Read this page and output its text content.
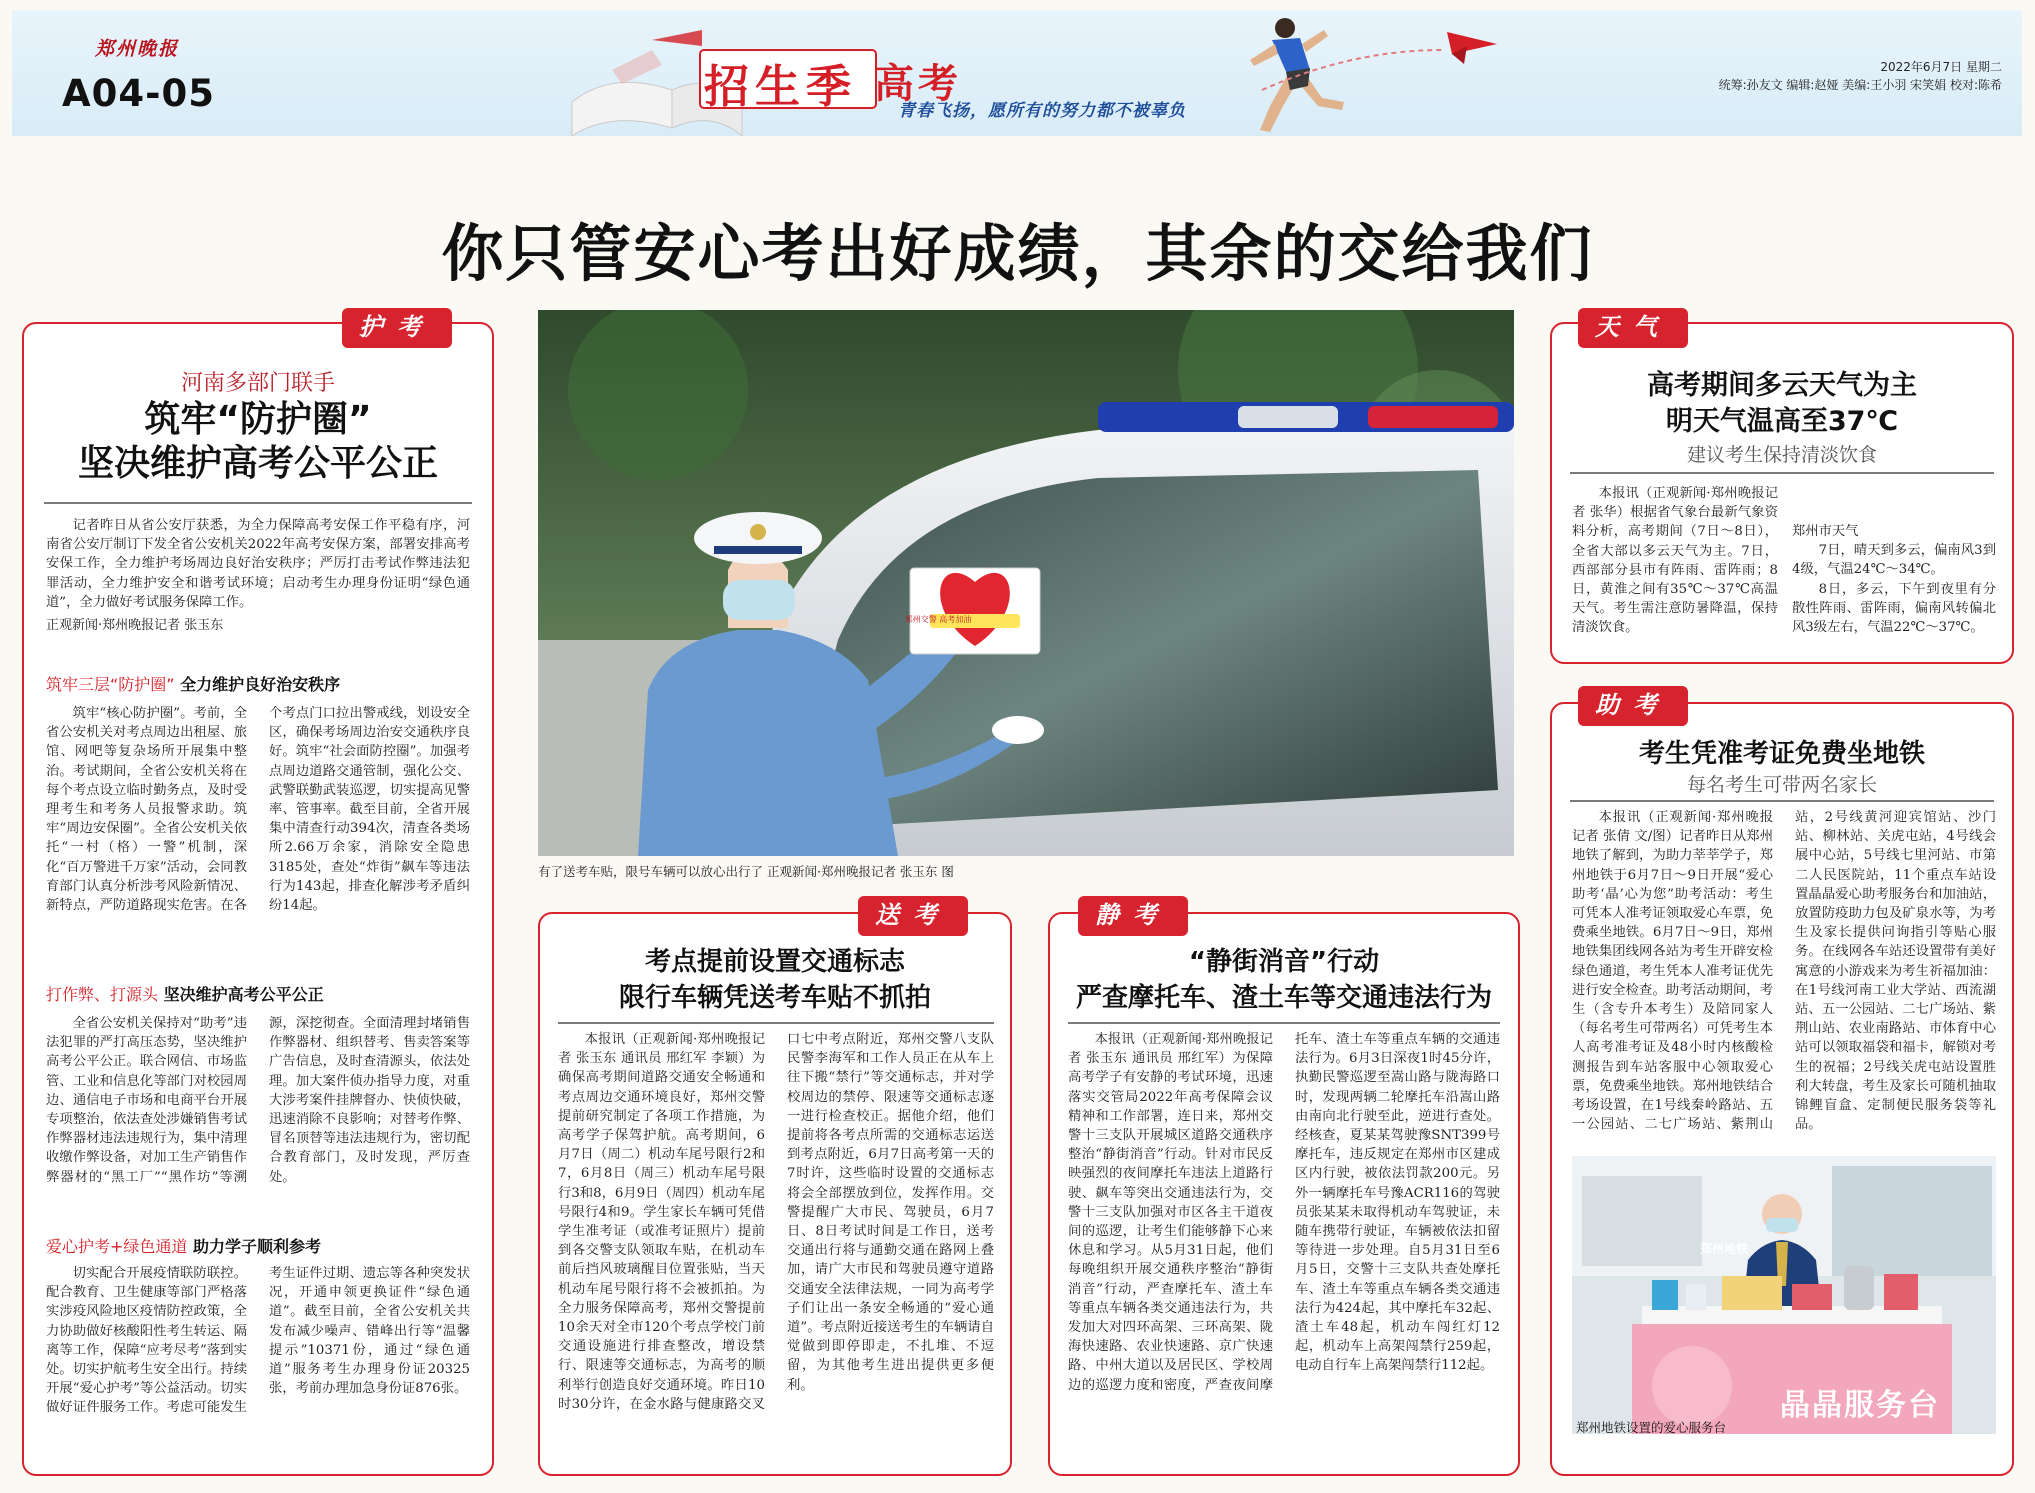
郑州晚报
A04-05	招生季 高考
青春飞扬，愿所有的努力都不被辜负
2022年6月7日 星期二
统筹:孙友文 编辑:赵娅 美编:王小羽 宋笑娟 校对:陈希
你只管安心考出好成绩，其余的交给我们
护考
河南多部门联手
筑牢“防护圈”
坚决维护高考公平公正

记者昨日从省公安厅获悉，为全力保障高考安保工作平稳有序，河南省公安厅制订下发全省公安机关2022年高考安保方案，部署安排高考安保工作，全力维护考场周边良好治安秩序；严厉打击考试作弊违法犯罪活动，全力维护安全和谐考试环境；启动考生办理身份证明“绿色通道”，全力做好考试服务保障工作。

正观新闻·郑州晚报记者 张玉东
筑牢三层“防护圈” 全力维护良好治安秩序

筑牢“核心防护圈”。考前，全省公安机关对考点周边出租屋、旅馆、网吧等复杂场所开展集中整治。考试期间，全省公安机关将在每个考点设立临时勤务点，及时受理考生和考务人员报警求助。筑牢“周边安保圈”。全省公安机关依托“一村（格）一警”机制，深化“百万警进千万家”活动，会同教育部门认真分析涉考风险新情况、新特点，严防道路现实危害。在各个考点门口拉出警戒线，划设安全区，确保考场周边治安交通秩序良好。筑牢“社会面防控圈”。加强考点周边道路交通管制，强化公交、武警联勤武装巡逻，切实提高见警率、管事率。截至目前，全省开展集中清查行动394次，清查各类场所2.66万余家，消除安全隐患3185处，查处“炸街”飙车等违法行为143起，排查化解涉考矛盾纠纷14起。

打作弊、打源头 坚决维护高考公平公正

全省公安机关保持对“助考”违法犯罪的严打高压态势，坚决维护高考公平公正。联合网信、市场监管、工业和信息化等部门对校园周边、通信电子市场和电商平台开展专项整治，依法查处涉嫌销售考试作弊器材违法违规行为，集中清理收缴作弊设备，对加工生产销售作弊器材的“黑工厂”“黑作坊”等溯源，深挖彻查。全面清理封堵销售作弊器材、组织替考、售卖答案等广告信息，及时查清源头，依法处理。加大案件侦办指导力度，对重大涉考案件挂牌督办、快侦快破，迅速消除不良影响；对替考作弊、冒名顶替等违法违规行为，密切配合教育部门，及时发现，严厉查处。

爱心护考+绿色通道 助力学子顺利参考

切实配合开展疫情联防联控。配合教育、卫生健康等部门严格落实涉疫风险地区疫情防控政策，全力协助做好核酸阳性考生转运、隔离等工作，保障“应考尽考”落到实处。切实护航考生安全出行。持续开展“爱心护考”等公益活动。切实做好证件服务工作。考虑可能发生考生证件过期、遗忘等各种突发状况，开通申领更换证件“绿色通道”。截至目前，全省公安机关共发布减少噪声、错峰出行等“温馨提示”10371份，通过“绿色通道”服务考生办理身份证20325张，考前办理加急身份证876张。

郑州交警 高考加油
有了送考车贴，限号车辆可以放心出行了 正观新闻·郑州晚报记者 张玉东 图
送考
考点提前设置交通标志
限行车辆凭送考车贴不抓拍

本报讯（正观新闻·郑州晚报记者 张玉东 通讯员 邢红军 李颖）为确保高考期间道路交通安全畅通和考点周边交通环境良好，郑州交警提前研究制定了各项工作措施，为高考学子保驾护航。高考期间，6月7日（周二）机动车尾号限行2和7，6月8日（周三）机动车尾号限行3和8，6月9日（周四）机动车尾号限行4和9。学生家长车辆可凭借学生准考证（或准考证照片）提前到各交警支队领取车贴，在机动车前后挡风玻璃醒目位置张贴，当天机动车尾号限行将不会被抓拍。为全力服务保障高考，郑州交警提前10余天对全市120个考点学校门前交通设施进行排查整改，增设禁行、限速等交通标志，为高考的顺利举行创造良好交通环境。昨日10时30分许，在金水路与健康路交叉口七中考点附近，郑州交警八支队民警李海军和工作人员正在从车上往下搬“禁行”等交通标志，并对学校周边的禁停、限速等交通标志逐一进行检查校正。据他介绍，他们提前将各考点所需的交通标志运送到考点附近，6月7日高考第一天的7时许，这些临时设置的交通标志将会全部摆放到位，发挥作用。交警提醒广大市民、驾驶员，6月7日、8日考试时间是工作日，送考交通出行将与通勤交通在路网上叠加，请广大市民和驾驶员遵守道路交通安全法律法规，一同为高考学子们让出一条安全畅通的“爱心通道”。考点附近接送考生的车辆请自觉做到即停即走，不扎堆、不逗留，为其他考生进出提供更多便利。

静考
“静街消音”行动
严查摩托车、渣土车等交通违法行为

本报讯（正观新闻·郑州晚报记者 张玉东 通讯员 邢红军）为保障高考学子有安静的考试环境，迅速落实交管局2022年高考保障会议精神和工作部署，连日来，郑州交警十三支队开展城区道路交通秩序整治“静街消音”行动。针对市民反映强烈的夜间摩托车违法上道路行驶、飙车等突出交通违法行为，交警十三支队加强对市区各主干道夜间的巡逻，让考生们能够静下心来休息和学习。从5月31日起，他们每晚组织开展交通秩序整治“静街消音”行动，严查摩托车、渣土车等重点车辆各类交通违法行为，共发加大对四环高架、三环高架、陇海快速路、农业快速路、京广快速路、中州大道以及居民区、学校周边的巡逻力度和密度，严查夜间摩托车、渣土车等重点车辆的交通违法行为。6月3日深夜1时45分许，执勤民警巡逻至嵩山路与陇海路口时，发现两辆二轮摩托车沿嵩山路由南向北行驶至此，逆进行查处。经核查，夏某某驾驶豫SNT399号摩托车，违反规定在郑州市区建成区内行驶，被依法罚款200元。另外一辆摩托车号豫ACR116的驾驶员张某某未取得机动车驾驶证，未随车携带行驶证，车辆被依法扣留等待进一步处理。自5月31日至6月5日，交警十三支队共查处摩托车、渣土车等重点车辆各类交通违法行为424起，其中摩托车32起、渣土车48起，机动车闯红灯12起，机动车上高架闯禁行259起，电动自行车上高架闯禁行112起。

天气
高考期间多云天气为主
明天气温高至37℃
建议考生保持清淡饮食

本报讯（正观新闻·郑州晚报记者 张华）根据省气象台最新气象资料分析，高考期间（7日～8日），全省大部以多云天气为主。7日，西部部分县市有阵雨、雷阵雨；8日，黄淮之间有35℃～37℃高温天气。考生需注意防暑降温，保持清淡饮食。

郑州市天气

7日，晴天到多云，偏南风3到4级，气温24℃～34℃。

8日，多云，下午到夜里有分散性阵雨、雷阵雨，偏南风转偏北风3级左右，气温22℃～37℃。

助考
考生凭准考证免费坐地铁
每名考生可带两名家长

本报讯（正观新闻·郑州晚报记者 张倩 文/图）记者昨日从郑州地铁了解到，为助力莘莘学子，郑州地铁于6月7日～9日开展“爱心助考‘晶’心为您”助考活动：考生可凭本人准考证领取爱心车票，免费乘坐地铁。6月7日～9日，郑州地铁集团线网各站为考生开辟安检绿色通道，考生凭本人准考证优先进行安全检查。助考活动期间，考生（含专升本考生）及陪同家人（每名考生可带两名）可凭考生本人高考准考证及48小时内核酸检测报告到车站客服中心领取爱心票，免费乘坐地铁。郑州地铁结合考场设置，在1号线秦岭路站、五一公园站、二七广场站、紫荆山站，2号线黄河迎宾馆站、沙门站、柳林站、关虎屯站，4号线会展中心站，5号线七里河站、市第二人民医院站，11个重点车站设置晶晶爱心助考服务台和加油站，放置防疫助力包及矿泉水等，为考生及家长提供问询指引等贴心服务。在线网各车站还设置带有美好寓意的小游戏来为考生祈福加油：在1号线河南工业大学站、西流湖站、五一公园站、二七广场站、紫荆山站、农业南路站、市体育中心站可以领取福袋和福卡，解锁对考生的祝福；2号线关虎屯站设置胜利大转盘，考生及家长可随机抽取锦鲤盲盒、定制便民服务袋等礼品。

郑州地铁
晶晶服务台
郑州地铁设置的爱心服务台
